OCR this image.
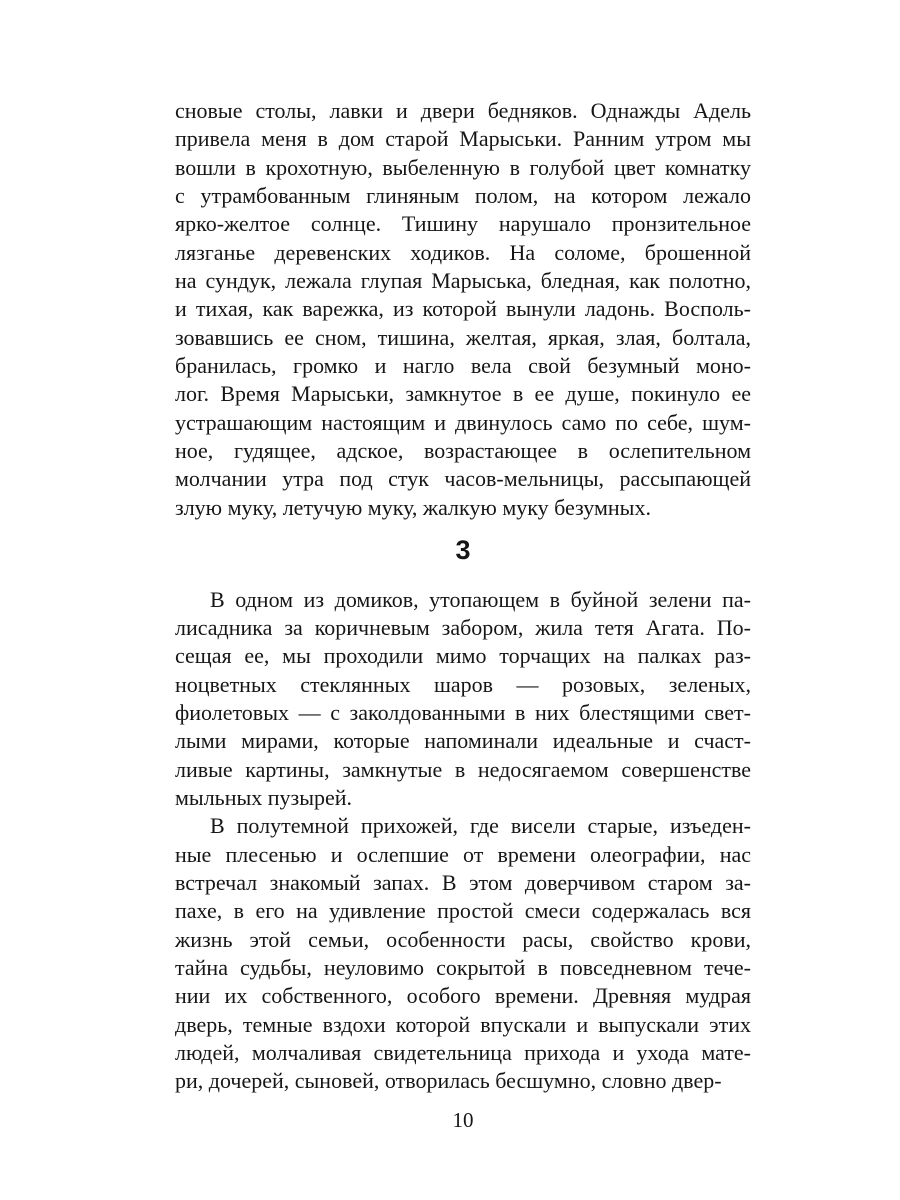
сновые столы, лавки и двери бедняков. Однажды Адель
привела меня в дом старой Марыськи. Ранним утром мы
вошли в крохотную, выбеленную в голубой цвет комнатку
с утрамбованным глиняным полом, на котором лежало
ярко-желтое солнце. Тишину нарушало пронзительное
лязганье деревенских ходиков. На соломе, брошенной
на сундук, лежала глупая Марыська, бледная, как полотно,
и тихая, как варежка, из которой вынули ладонь. Восполь-
зовавшись ее сном, тишина, желтая, яркая, злая, болтала,
бранилась, громко и нагло вела свой безумный моно-
лог. Время Марыськи, замкнутое в ее душе, покинуло ее
устрашающим настоящим и двинулось само по себе, шум-
ное, гудящее, адское, возрастающее в ослепительном
молчании утра под стук часов-мельницы, рассыпающей
злую муку, летучую муку, жалкую муку безумных.
3
В одном из домиков, утопающем в буйной зелени па-
лисадника за коричневым забором, жила тетя Агата. По-
сещая ее, мы проходили мимо торчащих на палках раз-
ноцветных стеклянных шаров — розовых, зеленых,
фиолетовых — с заколдованными в них блестящими свет-
лыми мирами, которые напоминали идеальные и счаст-
ливые картины, замкнутые в недосягаемом совершенстве
мыльных пузырей.
В полутемной прихожей, где висели старые, изъеден-
ные плесенью и ослепшие от времени олеографии, нас
встречал знакомый запах. В этом доверчивом старом за-
пахе, в его на удивление простой смеси содержалась вся
жизнь этой семьи, особенности расы, свойство крови,
тайна судьбы, неуловимо сокрытой в повседневном тече-
нии их собственного, особого времени. Древняя мудрая
дверь, темные вздохи которой впускали и выпускали этих
людей, молчаливая свидетельница прихода и ухода мате-
ри, дочерей, сыновей, отворилась бесшумно, словно двер-
10
